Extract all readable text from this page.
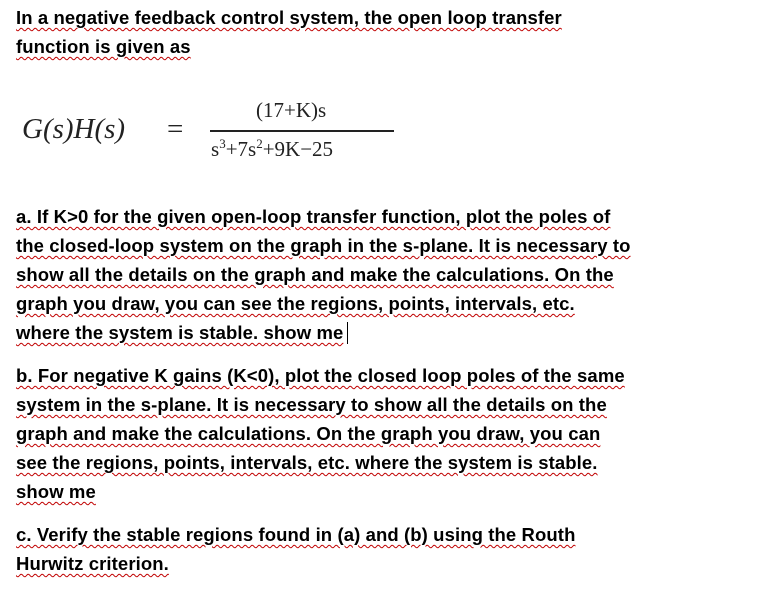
In a negative feedback control system, the open loop transfer
function is given as
G(s)H(s) =
(17+K)s
$s^3+7s^2+9K-25$
a. If K>0 for the given open-loop transfer function, plot the poles of
the closed-loop system on the graph in the s-plane. It is necessary to
show all the details on the graph and make the calculations. On the
graph you draw, you can see the regions, points, intervals, etc.
where the system is stable. show me
b. For negative K gains (K<0), plot the closed loop poles of the same
system in the s-plane. It is necessary to show all the details on the
graph and make the calculations. On the graph you draw, you can
see the regions, points, intervals, etc. where the system is stable.
show me
c. Verify the stable regions found in (a) and (b) using the Routh
Hurwitz criterion.
